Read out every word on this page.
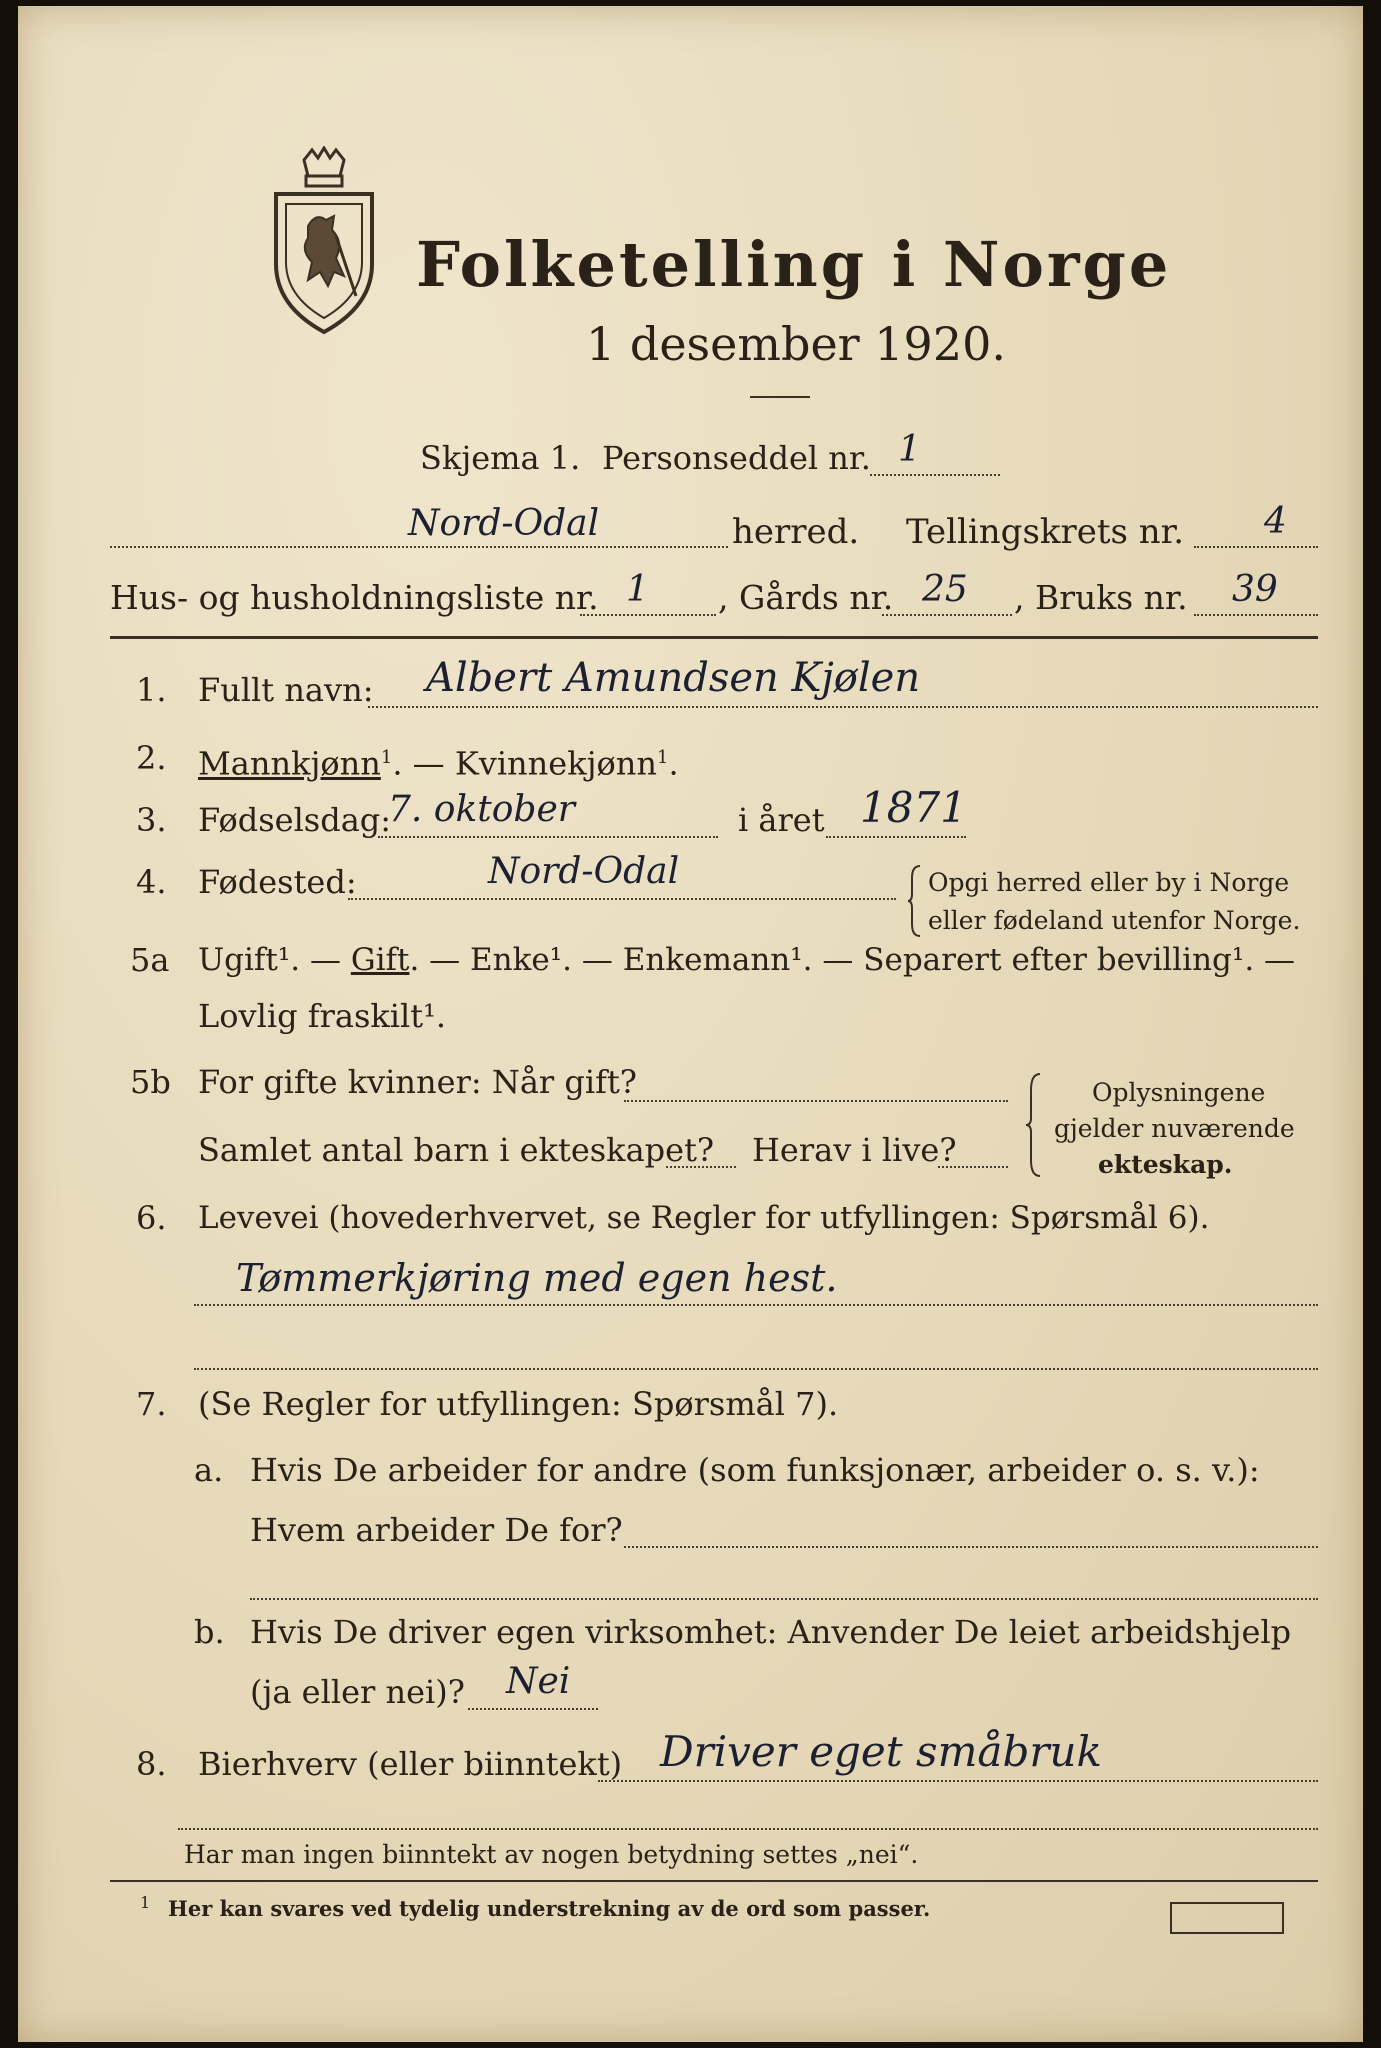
Folketelling i Norge
1 desember 1920.
Skjema 1. Personseddel nr. 1
Nord-Odal	herred. Tellingskrets nr. 4
Hus- og husholdningsliste nr. 1 , Gårds nr. 25 , Bruks nr. 39
1. Fullt navn: Albert Amundsen Kjølen
2. Mannkjønn$^1$. — Kvinnekjønn$^1$.
3. Fødselsdag:
7. oktober	i året 1871
4. Fødested:	Nord-Odal	Opgi herred eller by i Norge
eller fødeland utenfor Norge.
5a Ugift¹. — Gift. — Enke¹. — Enkemann¹. — Separert efter bevilling¹. —
Lovlig fraskilt¹.
5b For gifte kvinner: Når gift?
Samlet antal barn i ekteskapet? Herav i live?
Oplysningene
gjelder nuværende
ekteskap.
6. Levevei (hovederhvervet, se Regler for utfyllingen: Spørsmål 6).
Tømmerkjøring med egen hest.
7. (Se Regler for utfyllingen: Spørsmål 7).
a. Hvis De arbeider for andre (som funksjonær, arbeider o. s. v.):
Hvem arbeider De for?
b. Hvis De driver egen virksomhet: Anvender De leiet arbeidshjelp
(ja eller nei)? Nei
8. Bierhverv (eller biinntekt) Driver eget småbruk
Har man ingen biinntekt av nogen betydning settes „nei“.
1 Her kan svares ved tydelig understrekning av de ord som passer.
